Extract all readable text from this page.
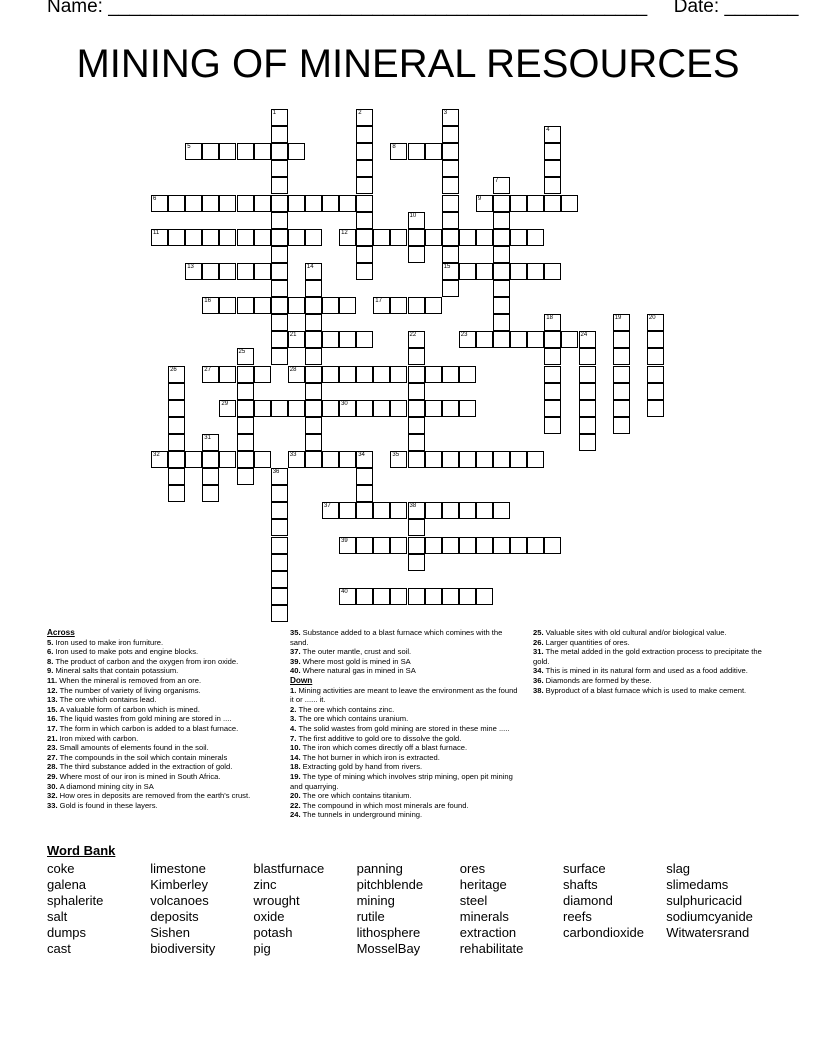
Name: ___________________________________________________ Date: _______
MINING OF MINERAL RESOURCES
1	2	3
15
4
5	8
7
6	9
10
11	12
13	14
16	17
18	19	20
21	22	23	24
25
26	27	28
29	30
31
32	33	34	35
36
37	38
39
40
Across
5. Iron used to make iron furniture.
6. Iron used to make pots and engine blocks.
8. The product of carbon and the oxygen from iron oxide.
9. Mineral salts that contain potassium.
11. When the mineral is removed from an ore.
12. The number of variety of living organisms.
13. The ore which contains lead.
15. A valuable form of carbon which is mined.
16. The liquid wastes from gold mining are stored in ....
17. The form in which carbon is added to a blast furnace.
21. Iron mixed with carbon.
23. Small amounts of elements found in the soil.
27. The compounds in the soil which contain minerals
28. The third substance added in the extraction of gold.
29. Where most of our iron is mined in South Africa.
30. A diamond mining city in SA
32. How ores in deposits are removed from the earth's crust.
33. Gold is found in these layers.
35. Substance added to a blast furnace which comines with the sand.
37. The outer mantle, crust and soil.
39. Where most gold is mined in SA
40. Where natural gas in mined in SA
Down
1. Mining activities are meant to leave the environment as the found it or ...... it.
2. The ore which contains zinc.
3. The ore which contains uranium.
4. The solid wastes from gold mining are stored in these mine .....
7. The first additive to gold ore to dissolve the gold.
10. The iron which comes directly off a blast furnace.
14. The hot burner in which iron is extracted.
18. Extracting gold by hand from rivers.
19. The type of mining which involves strip mining, open pit mining and quarrying.
20. The ore which contains titanium.
22. The compound in which most minerals are found.
24. The tunnels in underground mining.
25. Valuable sites with old cultural and/or biological value.
26. Larger quantities of ores.
31. The metal added in the gold extraction process to precipitate the gold.
34. This is mined in its natural form and used as a food additive.
36. Diamonds are formed by these.
38. Byproduct of a blast furnace which is used to make cement.
Word Bank
coke
galena
sphalerite
salt
dumps
cast
limestone
Kimberley
volcanoes
deposits
Sishen
biodiversity
blastfurnace
zinc
wrought
oxide
potash
pig
panning
pitchblende
mining
rutile
lithosphere
MosselBay
ores
heritage
steel
minerals
extraction
rehabilitate
surface
shafts
diamond
reefs
carbondioxide
slag
slimedams
sulphuricacid
sodiumcyanide
Witwatersrand
